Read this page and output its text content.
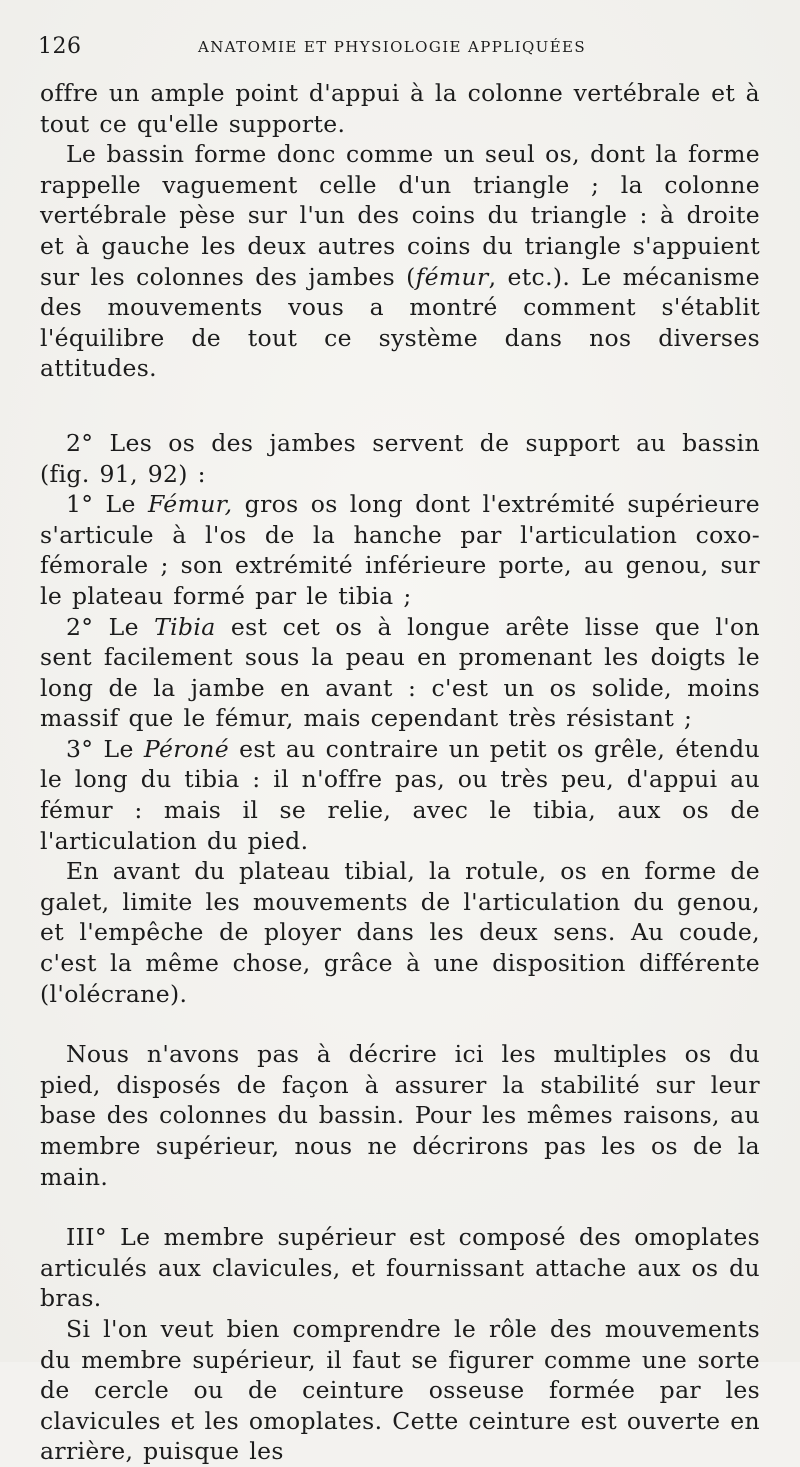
126	ANATOMIE ET PHYSIOLOGIE APPLIQUÉES

offre un ample point d'appui à la colonne vertébrale et à tout ce qu'elle supporte.

Le bassin forme donc comme un seul os, dont la forme rappelle vaguement celle d'un triangle ; la colonne vertébrale pèse sur l'un des coins du triangle : à droite et à gauche les deux autres coins du triangle s'appuient sur les colonnes des jambes (fémur, etc.). Le mécanisme des mouvements vous a montré comment s'établit l'équilibre de tout ce système dans nos diverses attitudes.

2° Les os des jambes servent de support au bassin (fig. 91, 92) :

1° Le Fémur, gros os long dont l'extrémité supérieure s'articule à l'os de la hanche par l'articulation coxo-fémorale ; son extrémité inférieure porte, au genou, sur le plateau formé par le tibia ;

2° Le Tibia est cet os à longue arête lisse que l'on sent facilement sous la peau en promenant les doigts le long de la jambe en avant : c'est un os solide, moins massif que le fémur, mais cependant très résistant ;

3° Le Péroné est au contraire un petit os grêle, étendu le long du tibia : il n'offre pas, ou très peu, d'appui au fémur : mais il se relie, avec le tibia, aux os de l'articulation du pied.

En avant du plateau tibial, la rotule, os en forme de galet, limite les mouvements de l'articulation du genou, et l'empêche de ployer dans les deux sens. Au coude, c'est la même chose, grâce à une disposition différente (l'olécrane).

Nous n'avons pas à décrire ici les multiples os du pied, disposés de façon à assurer la stabilité sur leur base des colonnes du bassin. Pour les mêmes raisons, au membre supérieur, nous ne décrirons pas les os de la main.

III° Le membre supérieur est composé des omoplates articulés aux clavicules, et fournissant attache aux os du bras.

Si l'on veut bien comprendre le rôle des mouvements du membre supérieur, il faut se figurer comme une sorte de cercle ou de ceinture osseuse formée par les clavicules et les omoplates. Cette ceinture est ouverte en arrière, puisque les
